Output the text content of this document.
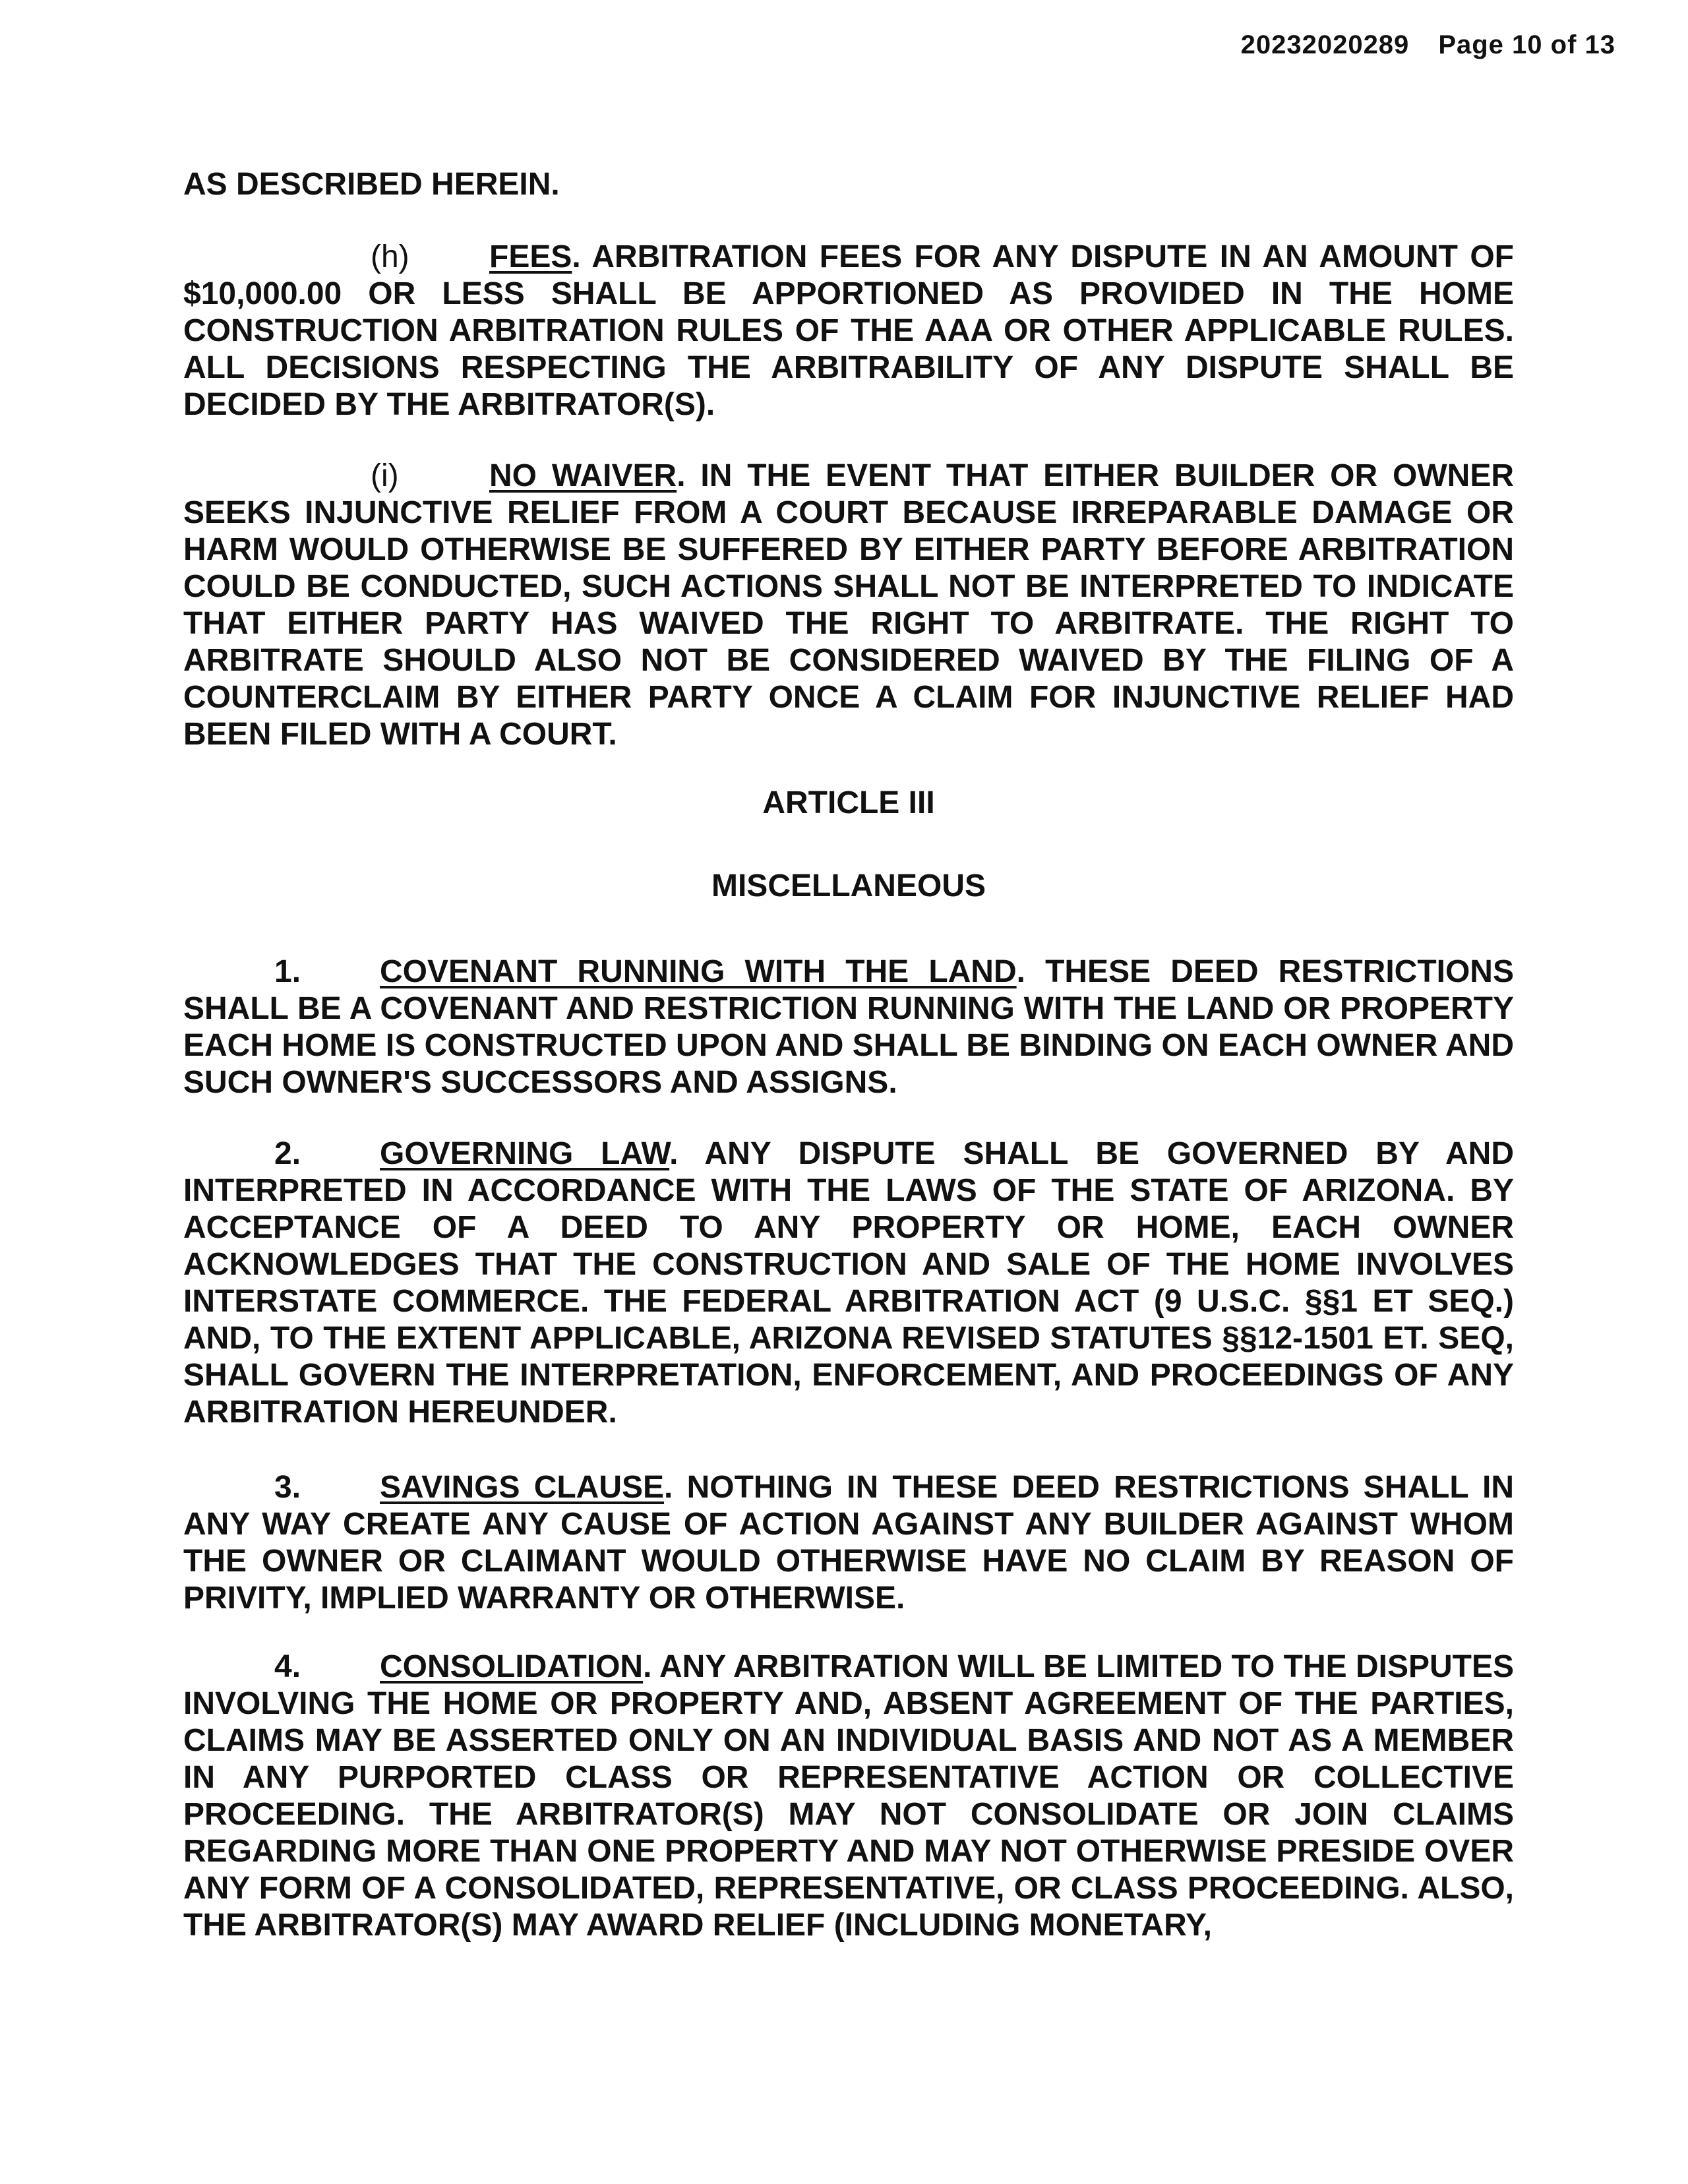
20232020289 Page 10 of 13

AS DESCRIBED HEREIN.

(h)	FEES. ARBITRATION FEES FOR ANY DISPUTE IN AN AMOUNT OF $10,000.00 OR LESS SHALL BE APPORTIONED AS PROVIDED IN THE HOME CONSTRUCTION ARBITRATION RULES OF THE AAA OR OTHER APPLICABLE RULES. ALL DECISIONS RESPECTING THE ARBITRABILITY OF ANY DISPUTE SHALL BE DECIDED BY THE ARBITRATOR(S).

(i)	NO WAIVER. IN THE EVENT THAT EITHER BUILDER OR OWNER SEEKS INJUNCTIVE RELIEF FROM A COURT BECAUSE IRREPARABLE DAMAGE OR HARM WOULD OTHERWISE BE SUFFERED BY EITHER PARTY BEFORE ARBITRATION COULD BE CONDUCTED, SUCH ACTIONS SHALL NOT BE INTERPRETED TO INDICATE THAT EITHER PARTY HAS WAIVED THE RIGHT TO ARBITRATE. THE RIGHT TO ARBITRATE SHOULD ALSO NOT BE CONSIDERED WAIVED BY THE FILING OF A COUNTERCLAIM BY EITHER PARTY ONCE A CLAIM FOR INJUNCTIVE RELIEF HAD BEEN FILED WITH A COURT.

ARTICLE III
MISCELLANEOUS

1. COVENANT RUNNING WITH THE LAND. THESE DEED RESTRICTIONS SHALL BE A COVENANT AND RESTRICTION RUNNING WITH THE LAND OR PROPERTY EACH HOME IS CONSTRUCTED UPON AND SHALL BE BINDING ON EACH OWNER AND SUCH OWNER'S SUCCESSORS AND ASSIGNS.

2. GOVERNING LAW. ANY DISPUTE SHALL BE GOVERNED BY AND INTERPRETED IN ACCORDANCE WITH THE LAWS OF THE STATE OF ARIZONA. BY ACCEPTANCE OF A DEED TO ANY PROPERTY OR HOME, EACH OWNER ACKNOWLEDGES THAT THE CONSTRUCTION AND SALE OF THE HOME INVOLVES INTERSTATE COMMERCE. THE FEDERAL ARBITRATION ACT (9 U.S.C. §§1 ET SEQ.) AND, TO THE EXTENT APPLICABLE, ARIZONA REVISED STATUTES §§12-1501 ET. SEQ, SHALL GOVERN THE INTERPRETATION, ENFORCEMENT, AND PROCEEDINGS OF ANY ARBITRATION HEREUNDER.

3. SAVINGS CLAUSE. NOTHING IN THESE DEED RESTRICTIONS SHALL IN ANY WAY CREATE ANY CAUSE OF ACTION AGAINST ANY BUILDER AGAINST WHOM THE OWNER OR CLAIMANT WOULD OTHERWISE HAVE NO CLAIM BY REASON OF PRIVITY, IMPLIED WARRANTY OR OTHERWISE.

4. CONSOLIDATION. ANY ARBITRATION WILL BE LIMITED TO THE DISPUTES INVOLVING THE HOME OR PROPERTY AND, ABSENT AGREEMENT OF THE PARTIES, CLAIMS MAY BE ASSERTED ONLY ON AN INDIVIDUAL BASIS AND NOT AS A MEMBER IN ANY PURPORTED CLASS OR REPRESENTATIVE ACTION OR COLLECTIVE PROCEEDING. THE ARBITRATOR(S) MAY NOT CONSOLIDATE OR JOIN CLAIMS REGARDING MORE THAN ONE PROPERTY AND MAY NOT OTHERWISE PRESIDE OVER ANY FORM OF A CONSOLIDATED, REPRESENTATIVE, OR CLASS PROCEEDING. ALSO, THE ARBITRATOR(S) MAY AWARD RELIEF (INCLUDING MONETARY,
